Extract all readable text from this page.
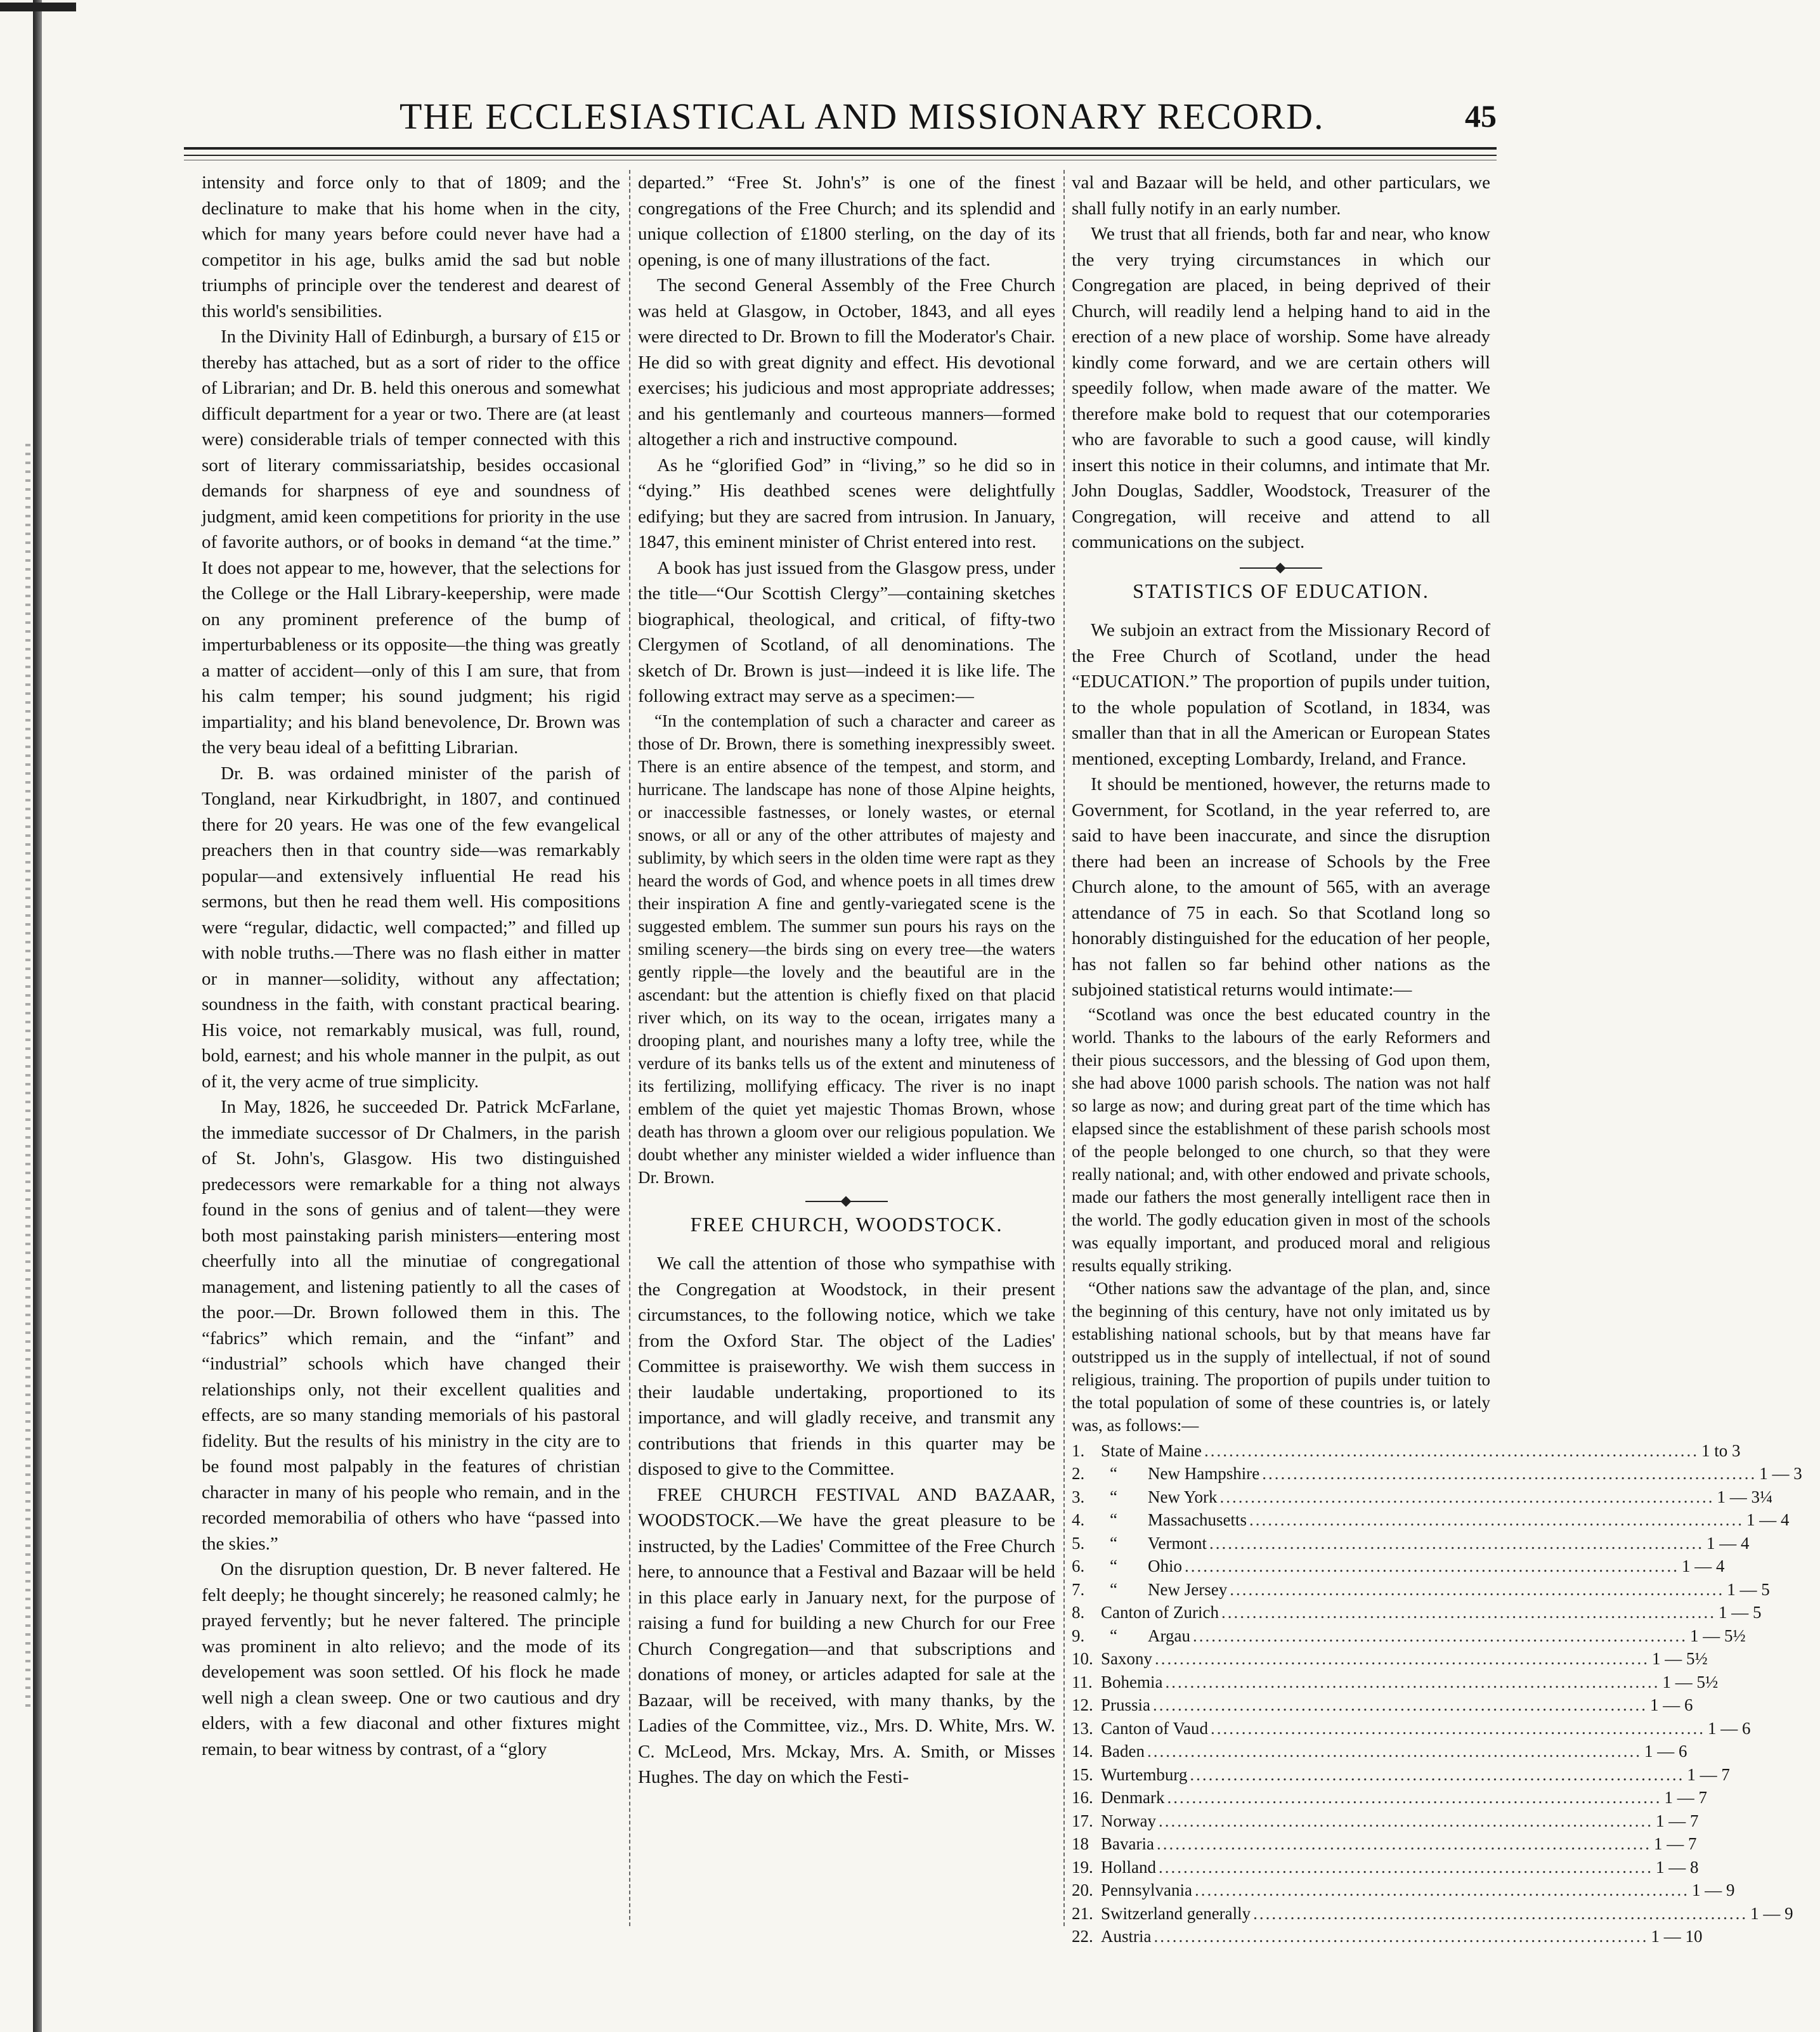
THE ECCLESIASTICAL AND MISSIONARY RECORD.	45

intensity and force only to that of 1809; and the declinature to make that his home when in the city, which for many years before could never have had a competitor in his age, bulks amid the sad but noble triumphs of principle over the tenderest and dearest of this world's sensibilities.

In the Divinity Hall of Edinburgh, a bursary of £15 or thereby has attached, but as a sort of rider to the office of Librarian; and Dr. B. held this onerous and somewhat difficult department for a year or two. There are (at least were) considerable trials of temper connected with this sort of literary commissariatship, besides occasional demands for sharpness of eye and soundness of judgment, amid keen competitions for priority in the use of favorite authors, or of books in demand “at the time.” It does not appear to me, however, that the selections for the College or the Hall Library-keepership, were made on any prominent preference of the bump of imperturbableness or its opposite—the thing was greatly a matter of accident—only of this I am sure, that from his calm temper; his sound judgment; his rigid impartiality; and his bland benevolence, Dr. Brown was the very beau ideal of a befitting Librarian.

Dr. B. was ordained minister of the parish of Tongland, near Kirkudbright, in 1807, and continued there for 20 years. He was one of the few evangelical preachers then in that country side—was remarkably popular—and extensively influential He read his sermons, but then he read them well. His compositions were “regular, didactic, well compacted;” and filled up with noble truths.—There was no flash either in matter or in manner—solidity, without any affectation; soundness in the faith, with constant practical bearing. His voice, not remarkably musical, was full, round, bold, earnest; and his whole manner in the pulpit, as out of it, the very acme of true simplicity.

In May, 1826, he succeeded Dr. Patrick McFarlane, the immediate successor of Dr Chalmers, in the parish of St. John's, Glasgow. His two distinguished predecessors were remarkable for a thing not always found in the sons of genius and of talent—they were both most painstaking parish ministers—entering most cheerfully into all the minutiae of congregational management, and listening patiently to all the cases of the poor.—Dr. Brown followed them in this. The “fabrics” which remain, and the “infant” and “industrial” schools which have changed their relationships only, not their excellent qualities and effects, are so many standing memorials of his pastoral fidelity. But the results of his ministry in the city are to be found most palpably in the features of christian character in many of his people who remain, and in the recorded memorabilia of others who have “passed into the skies.”

On the disruption question, Dr. B never faltered. He felt deeply; he thought sincerely; he reasoned calmly; he prayed fervently; but he never faltered. The principle was prominent in alto relievo; and the mode of its developement was soon settled. Of his flock he made well nigh a clean sweep. One or two cautious and dry elders, with a few diaconal and other fixtures might remain, to bear witness by contrast, of a “glory

departed.” “Free St. John's” is one of the finest congregations of the Free Church; and its splendid and unique collection of £1800 sterling, on the day of its opening, is one of many illustrations of the fact.

The second General Assembly of the Free Church was held at Glasgow, in October, 1843, and all eyes were directed to Dr. Brown to fill the Moderator's Chair. He did so with great dignity and effect. His devotional exercises; his judicious and most appropriate addresses; and his gentlemanly and courteous manners—formed altogether a rich and instructive compound.

As he “glorified God” in “living,” so he did so in “dying.” His deathbed scenes were delightfully edifying; but they are sacred from intrusion. In January, 1847, this eminent minister of Christ entered into rest.

A book has just issued from the Glasgow press, under the title—“Our Scottish Clergy”—containing sketches biographical, theological, and critical, of fifty-two Clergymen of Scotland, of all denominations. The sketch of Dr. Brown is just—indeed it is like life. The following extract may serve as a specimen:—

“In the contemplation of such a character and career as those of Dr. Brown, there is something inexpressibly sweet. There is an entire absence of the tempest, and storm, and hurricane. The landscape has none of those Alpine heights, or inaccessible fastnesses, or lonely wastes, or eternal snows, or all or any of the other attributes of majesty and sublimity, by which seers in the olden time were rapt as they heard the words of God, and whence poets in all times drew their inspiration A fine and gently-variegated scene is the suggested emblem. The summer sun pours his rays on the smiling scenery—the birds sing on every tree—the waters gently ripple—the lovely and the beautiful are in the ascendant: but the attention is chiefly fixed on that placid river which, on its way to the ocean, irrigates many a drooping plant, and nourishes many a lofty tree, while the verdure of its banks tells us of the extent and minuteness of its fertilizing, mollifying efficacy. The river is no inapt emblem of the quiet yet majestic Thomas Brown, whose death has thrown a gloom over our religious population. We doubt whether any minister wielded a wider influence than Dr. Brown.

FREE CHURCH, WOODSTOCK.

We call the attention of those who sympathise with the Congregation at Woodstock, in their present circumstances, to the following notice, which we take from the Oxford Star. The object of the Ladies' Committee is praiseworthy. We wish them success in their laudable undertaking, proportioned to its importance, and will gladly receive, and transmit any contributions that friends in this quarter may be disposed to give to the Committee.

FREE CHURCH FESTIVAL AND BAZAAR, WOODSTOCK.—We have the great pleasure to be instructed, by the Ladies' Committee of the Free Church here, to announce that a Festival and Bazaar will be held in this place early in January next, for the purpose of raising a fund for building a new Church for our Free Church Congregation—and that subscriptions and donations of money, or articles adapted for sale at the Bazaar, will be received, with many thanks, by the Ladies of the Committee, viz., Mrs. D. White, Mrs. W. C. McLeod, Mrs. Mckay, Mrs. A. Smith, or Misses Hughes. The day on which the Festi-

val and Bazaar will be held, and other particulars, we shall fully notify in an early number.

We trust that all friends, both far and near, who know the very trying circumstances in which our Congregation are placed, in being deprived of their Church, will readily lend a helping hand to aid in the erection of a new place of worship. Some have already kindly come forward, and we are certain others will speedily follow, when made aware of the matter. We therefore make bold to request that our cotemporaries who are favorable to such a good cause, will kindly insert this notice in their columns, and intimate that Mr. John Douglas, Saddler, Woodstock, Treasurer of the Congregation, will receive and attend to all communications on the subject.

STATISTICS OF EDUCATION.

We subjoin an extract from the Missionary Record of the Free Church of Scotland, under the head “EDUCATION.” The proportion of pupils under tuition, to the whole population of Scotland, in 1834, was smaller than that in all the American or European States mentioned, excepting Lombardy, Ireland, and France.

It should be mentioned, however, the returns made to Government, for Scotland, in the year referred to, are said to have been inaccurate, and since the disruption there had been an increase of Schools by the Free Church alone, to the amount of 565, with an average attendance of 75 in each. So that Scotland long so honorably distinguished for the education of her people, has not fallen so far behind other nations as the subjoined statistical returns would intimate:—

“Scotland was once the best educated country in the world. Thanks to the labours of the early Reformers and their pious successors, and the blessing of God upon them, she had above 1000 parish schools. The nation was not half so large as now; and during great part of the time which has elapsed since the establishment of these parish schools most of the people belonged to one church, so that they were really national; and, with other endowed and private schools, made our fathers the most generally intelligent race then in the world. The godly education given in most of the schools was equally important, and produced moral and religious results equally striking.

“Other nations saw the advantage of the plan, and, since the beginning of this century, have not only imitated us by establishing national schools, but by that means have far outstripped us in the supply of intellectual, if not of sound religious, training. The proportion of pupils under tuition to the total population of some of these countries is, or lately was, as follows:—

1. State of Maine .....	1 to 3
2.	“	New Hampshire .....	1 — 3
3.	“	New York .....	1 — 3¼
4.	“	Massachusetts .....	1 — 4
5.	“	Vermont .....	1 — 4
6.	“	Ohio .....	1 — 4
7.	“	New Jersey .....	1 — 5
8. Canton of Zurich .....	1 — 5
9.	“	Argau .....	1 — 5½
10. Saxony .....	1 — 5½
11. Bohemia .....	1 — 5½
12. Prussia .....	1 — 6
13. Canton of Vaud .....	1 — 6
14. Baden .....	1 — 6
15. Wurtemburg .....	1 — 7
16. Denmark .....	1 — 7
17. Norway .....	1 — 7
18 Bavaria .....	1 — 7
19. Holland .....	1 — 8
20. Pennsylvania .....	1 — 9
21. Switzerland generally .....	1 — 9
22. Austria .....	1 — 10
